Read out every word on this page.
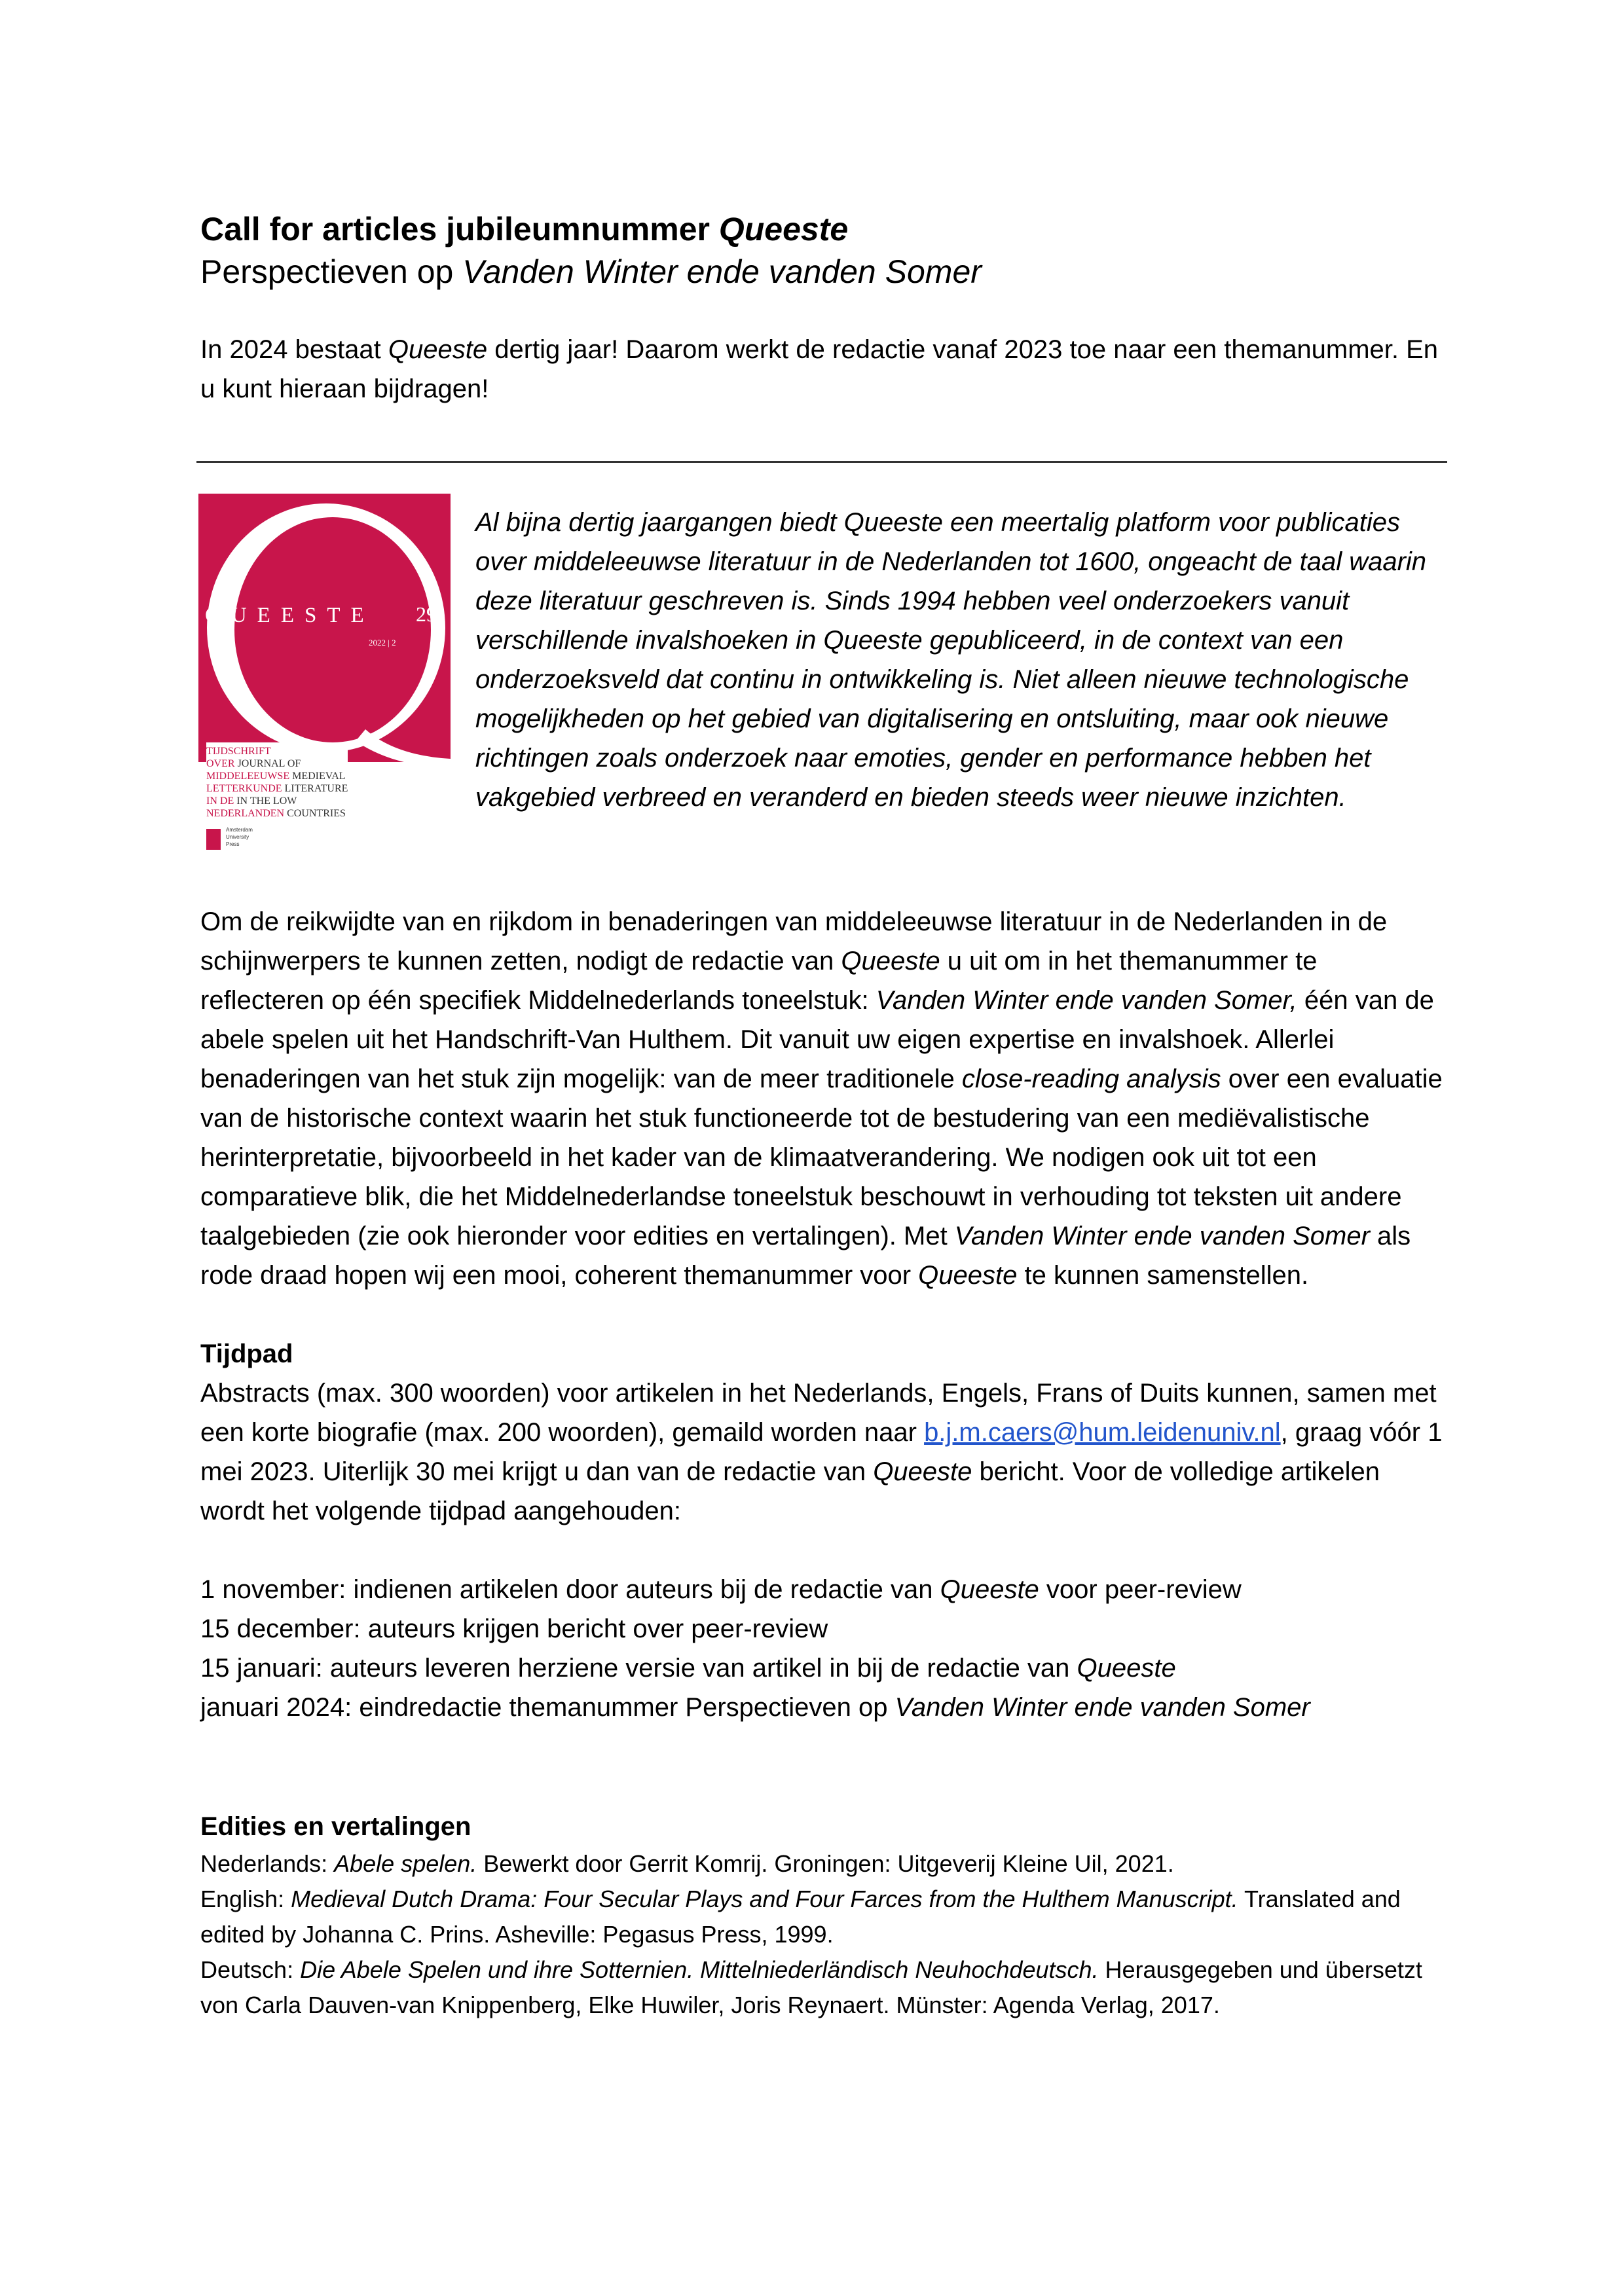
Call for articles jubileumnummer Queeste
Perspectieven op Vanden Winter ende vanden Somer

In 2024 bestaat Queeste dertig jaar! Daarom werkt de redactie vanaf 2023 toe naar een themanummer. En u kunt hieraan bijdragen!

QUEESTE 29
2022 | 2
TIJDSCHRIFT
OVER JOURNAL OF
MIDDELEEUWSE MEDIEVAL
LETTERKUNDE LITERATURE
IN DE IN THE LOW
NEDERLANDEN COUNTRIES
Amsterdam
University
Press
Al bijna dertig jaargangen biedt Queeste een meertalig platform voor publicaties over middeleeuwse literatuur in de Nederlanden tot 1600, ongeacht de taal waarin deze literatuur geschreven is. Sinds 1994 hebben veel onderzoekers vanuit verschillende invalshoeken in Queeste gepubliceerd, in de context van een onderzoeksveld dat continu in ontwikkeling is. Niet alleen nieuwe technologische mogelijkheden op het gebied van digitalisering en ontsluiting, maar ook nieuwe richtingen zoals onderzoek naar emoties, gender en performance hebben het vakgebied verbreed en veranderd en bieden steeds weer nieuwe inzichten.

Om de reikwijdte van en rijkdom in benaderingen van middeleeuwse literatuur in de Nederlanden in de schijnwerpers te kunnen zetten, nodigt de redactie van Queeste u uit om in het themanummer te reflecteren op één specifiek Middelnederlands toneelstuk: Vanden Winter ende vanden Somer, één van de abele spelen uit het Handschrift-Van Hulthem. Dit vanuit uw eigen expertise en invalshoek. Allerlei benaderingen van het stuk zijn mogelijk: van de meer traditionele close-reading analysis over een evaluatie van de historische context waarin het stuk functioneerde tot de bestudering van een mediëvalistische herinterpretatie, bijvoorbeeld in het kader van de klimaatverandering. We nodigen ook uit tot een comparatieve blik, die het Middelnederlandse toneelstuk beschouwt in verhouding tot teksten uit andere taalgebieden (zie ook hieronder voor edities en vertalingen). Met Vanden Winter ende vanden Somer als rode draad hopen wij een mooi, coherent themanummer voor Queeste te kunnen samenstellen.

Tijdpad

Abstracts (max. 300 woorden) voor artikelen in het Nederlands, Engels, Frans of Duits kunnen, samen met een korte biografie (max. 200 woorden), gemaild worden naar b.j.m.caers@hum.leidenuniv.nl, graag vóór 1 mei 2023. Uiterlijk 30 mei krijgt u dan van de redactie van Queeste bericht. Voor de volledige artikelen wordt het volgende tijdpad aangehouden:

1 november: indienen artikelen door auteurs bij de redactie van Queeste voor peer-review
15 december: auteurs krijgen bericht over peer-review
15 januari: auteurs leveren herziene versie van artikel in bij de redactie van Queeste
januari 2024: eindredactie themanummer Perspectieven op Vanden Winter ende vanden Somer
Edities en vertalingen

Nederlands: Abele spelen. Bewerkt door Gerrit Komrij. Groningen: Uitgeverij Kleine Uil, 2021.

English: Medieval Dutch Drama: Four Secular Plays and Four Farces from the Hulthem Manuscript. Translated and edited by Johanna C. Prins. Asheville: Pegasus Press, 1999.

Deutsch: Die Abele Spelen und ihre Sotternien. Mittelniederländisch Neuhochdeutsch. Herausgegeben und übersetzt von Carla Dauven-van Knippenberg, Elke Huwiler, Joris Reynaert. Münster: Agenda Verlag, 2017.
